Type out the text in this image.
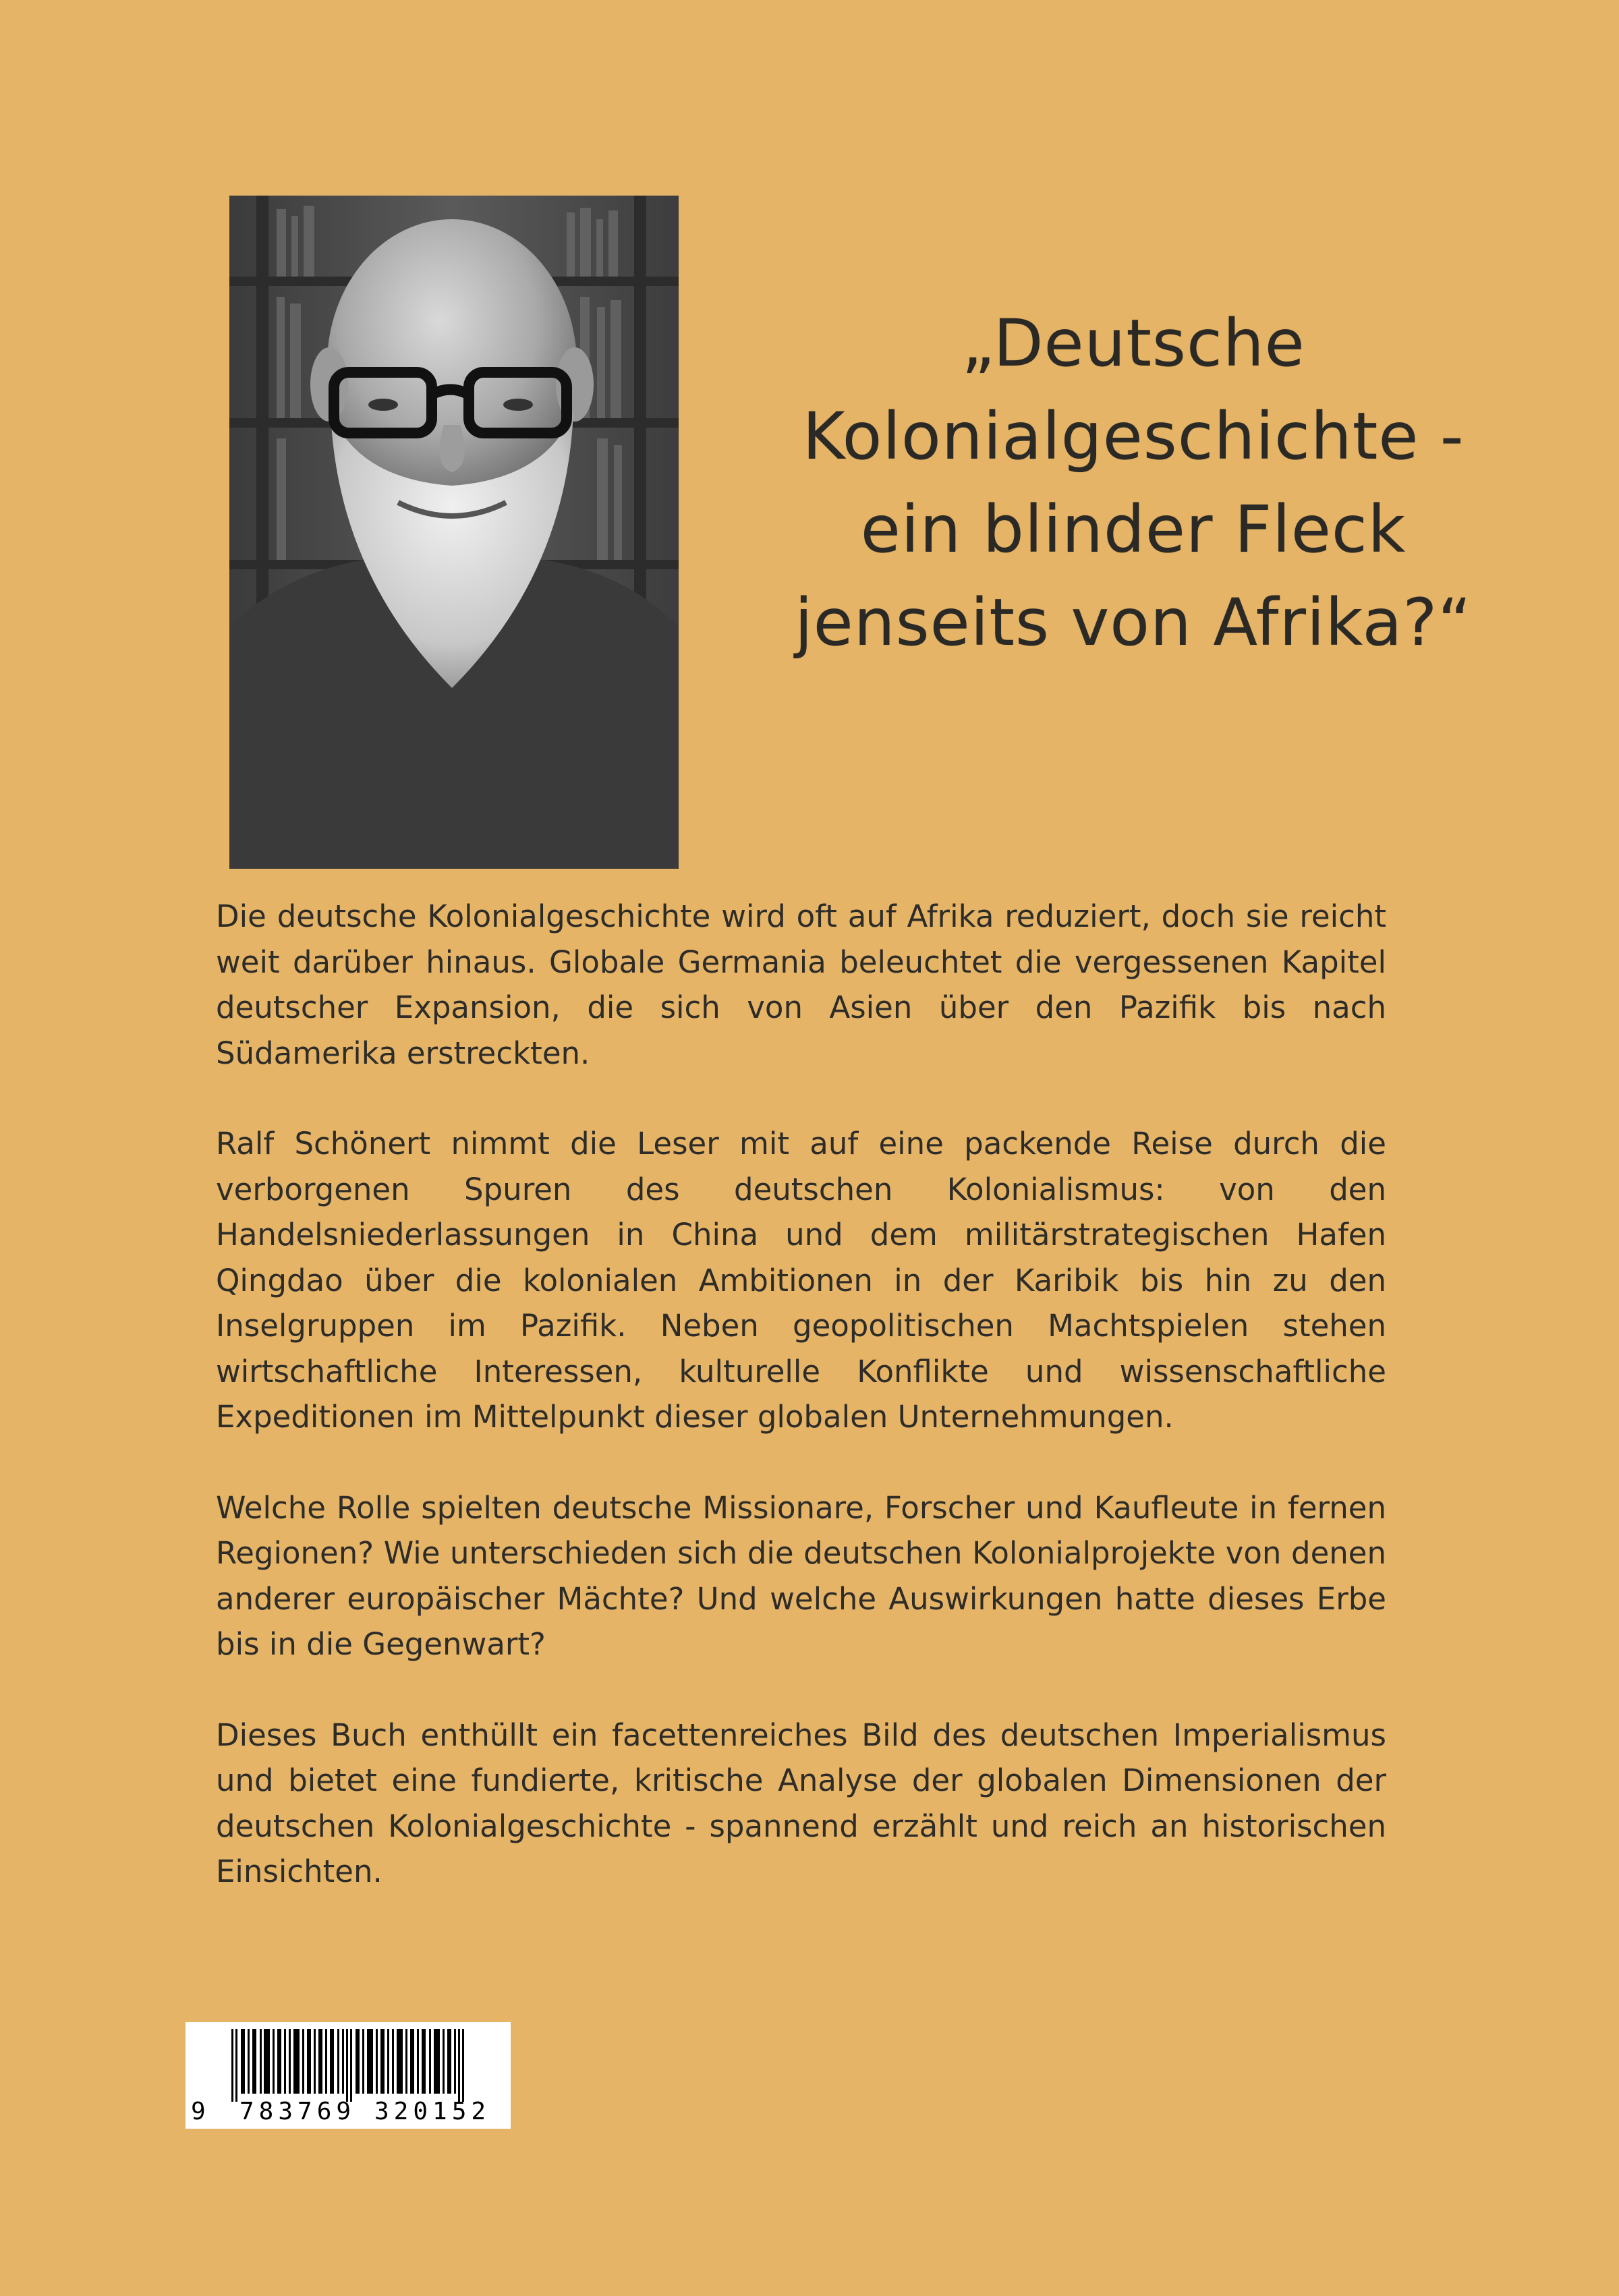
„Deutsche
Kolonialgeschichte -
ein blinder Fleck
jenseits von Afrika?“

Die deutsche Kolonialgeschichte wird oft auf Afrika reduziert, doch sie reicht weit darüber hinaus. Globale Germania beleuchtet die vergessenen Kapitel deutscher Expansion, die sich von Asien über den Pazifik bis nach Südamerika erstreckten.

Ralf Schönert nimmt die Leser mit auf eine packende Reise durch die verborgenen Spuren des deutschen Kolonialismus: von den Handelsniederlassungen in China und dem militärstrategischen Hafen Qingdao über die kolonialen Ambitionen in der Karibik bis hin zu den Inselgruppen im Pazifik. Neben geopolitischen Machtspielen stehen wirtschaftliche Interessen, kulturelle Konflikte und wissenschaftliche Expeditionen im Mittelpunkt dieser globalen Unternehmungen.

Welche Rolle spielten deutsche Missionare, Forscher und Kaufleute in fernen Regionen? Wie unterschieden sich die deutschen Kolonialprojekte von denen anderer europäischer Mächte? Und welche Auswirkungen hatte dieses Erbe bis in die Gegenwart?

Dieses Buch enthüllt ein facettenreiches Bild des deutschen Imperialismus und bietet eine fundierte, kritische Analyse der globalen Dimensionen der deutschen Kolonialgeschichte - spannend erzählt und reich an historischen Einsichten.

9 783769 320152
